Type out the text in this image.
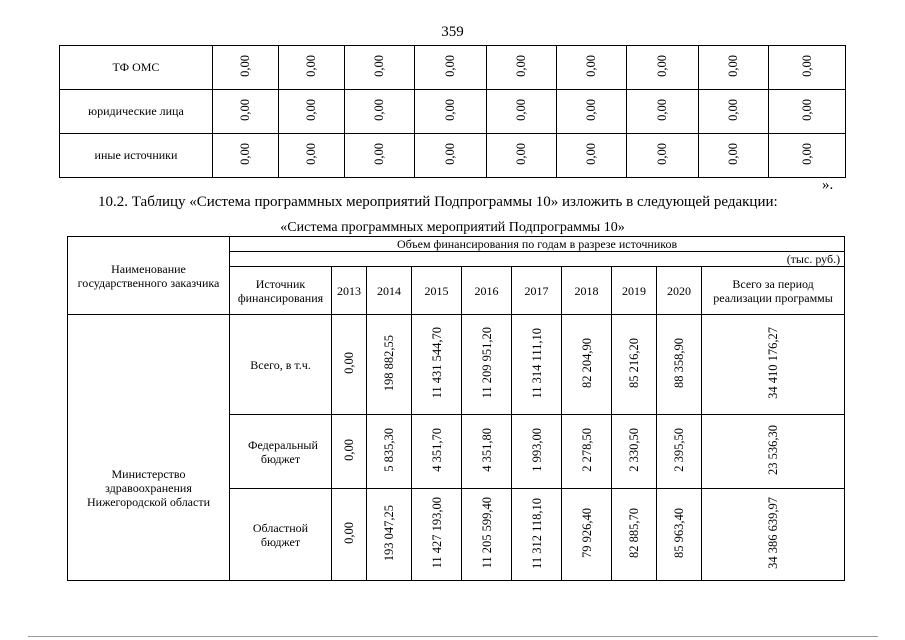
359
ТФ ОМС	0,00	0,00	0,00	0,00	0,00	0,00	0,00	0,00	0,00
юридические лица	0,00	0,00	0,00	0,00	0,00	0,00	0,00	0,00	0,00
иные источники	0,00	0,00	0,00	0,00	0,00	0,00	0,00	0,00	0,00
».
10.2. Таблицу «Система программных мероприятий Подпрограммы 10» изложить в следующей редакции:
«Система программных мероприятий Подпрограммы 10»
Наименование государственного заказчика	Объем финансирования по годам в разрезе источников									
	(тыс. руб.)									
	Источник финансирования	2013	2014	2015	2016	2017	2018	2019	2020	Всего за период реализации программы
Министерство здравоохранения Нижегородской области	Всего, в т.ч.	0,00	198 882,55	11 431 544,70	11 209 951,20	11 314 111,10	82 204,90	85 216,20	88 358,90	34 410 176,27
	Федеральный бюджет	0,00	5 835,30	4 351,70	4 351,80	1 993,00	2 278,50	2 330,50	2 395,50	23 536,30
	Областной бюджет	0,00	193 047,25	11 427 193,00	11 205 599,40	11 312 118,10	79 926,40	82 885,70	85 963,40	34 386 639,97
